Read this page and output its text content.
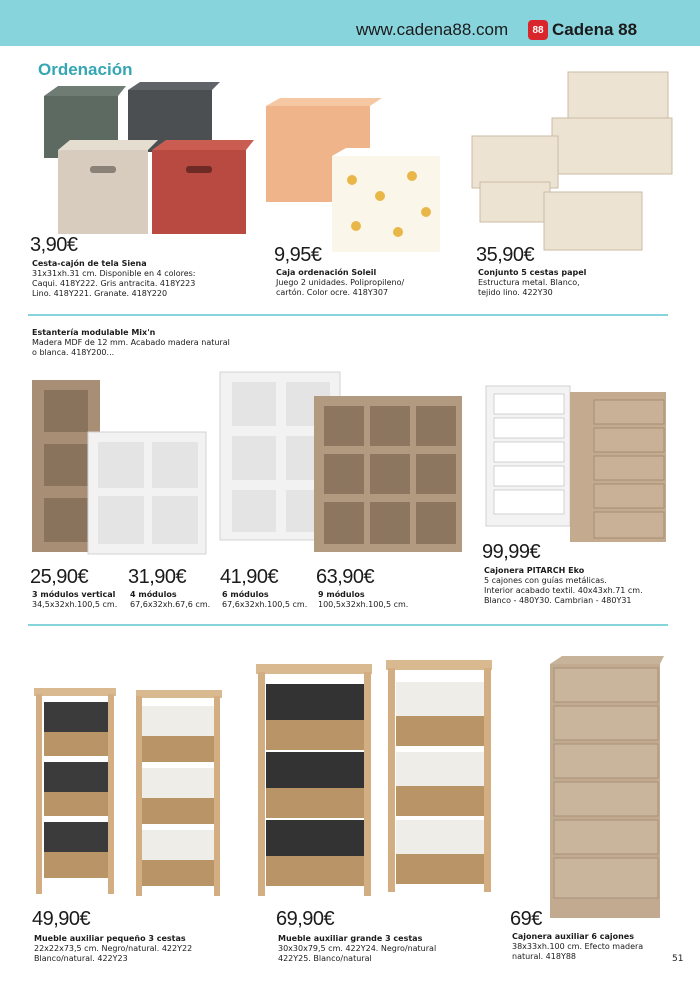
www.cadena88.com	88 Cadena 88
Ordenación
3,90€
Cesta-cajón de tela Siena
31x31xh.31 cm. Disponible en 4 colores:
Caqui. 418Y222. Gris antracita. 418Y223
Lino. 418Y221. Granate. 418Y220
9,95€
Caja ordenación Soleil
Juego 2 unidades. Polipropileno/
cartón. Color ocre. 418Y307
35,90€
Conjunto 5 cestas papel
Estructura metal. Blanco,
tejido lino. 422Y30
Estantería modulable Mix'n
Madera MDF de 12 mm. Acabado madera natural
o blanca. 418Y200...
25,90€
3 módulos vertical
34,5x32xh.100,5 cm.
31,90€
4 módulos
67,6x32xh.67,6 cm.
41,90€
6 módulos
67,6x32xh.100,5 cm.
63,90€
9 módulos
100,5x32xh.100,5 cm.
99,99€
Cajonera PITARCH Eko
5 cajones con guías metálicas.
Interior acabado textil. 40x43xh.71 cm.
Blanco - 480Y30. Cambrian - 480Y31
49,90€
Mueble auxiliar pequeño 3 cestas
22x22x73,5 cm. Negro/natural. 422Y22
Blanco/natural. 422Y23
69,90€
Mueble auxiliar grande 3 cestas
30x30x79,5 cm. 422Y24. Negro/natural
422Y25. Blanco/natural
69€
Cajonera auxiliar 6 cajones
38x33xh.100 cm. Efecto madera
natural. 418Y88	51
